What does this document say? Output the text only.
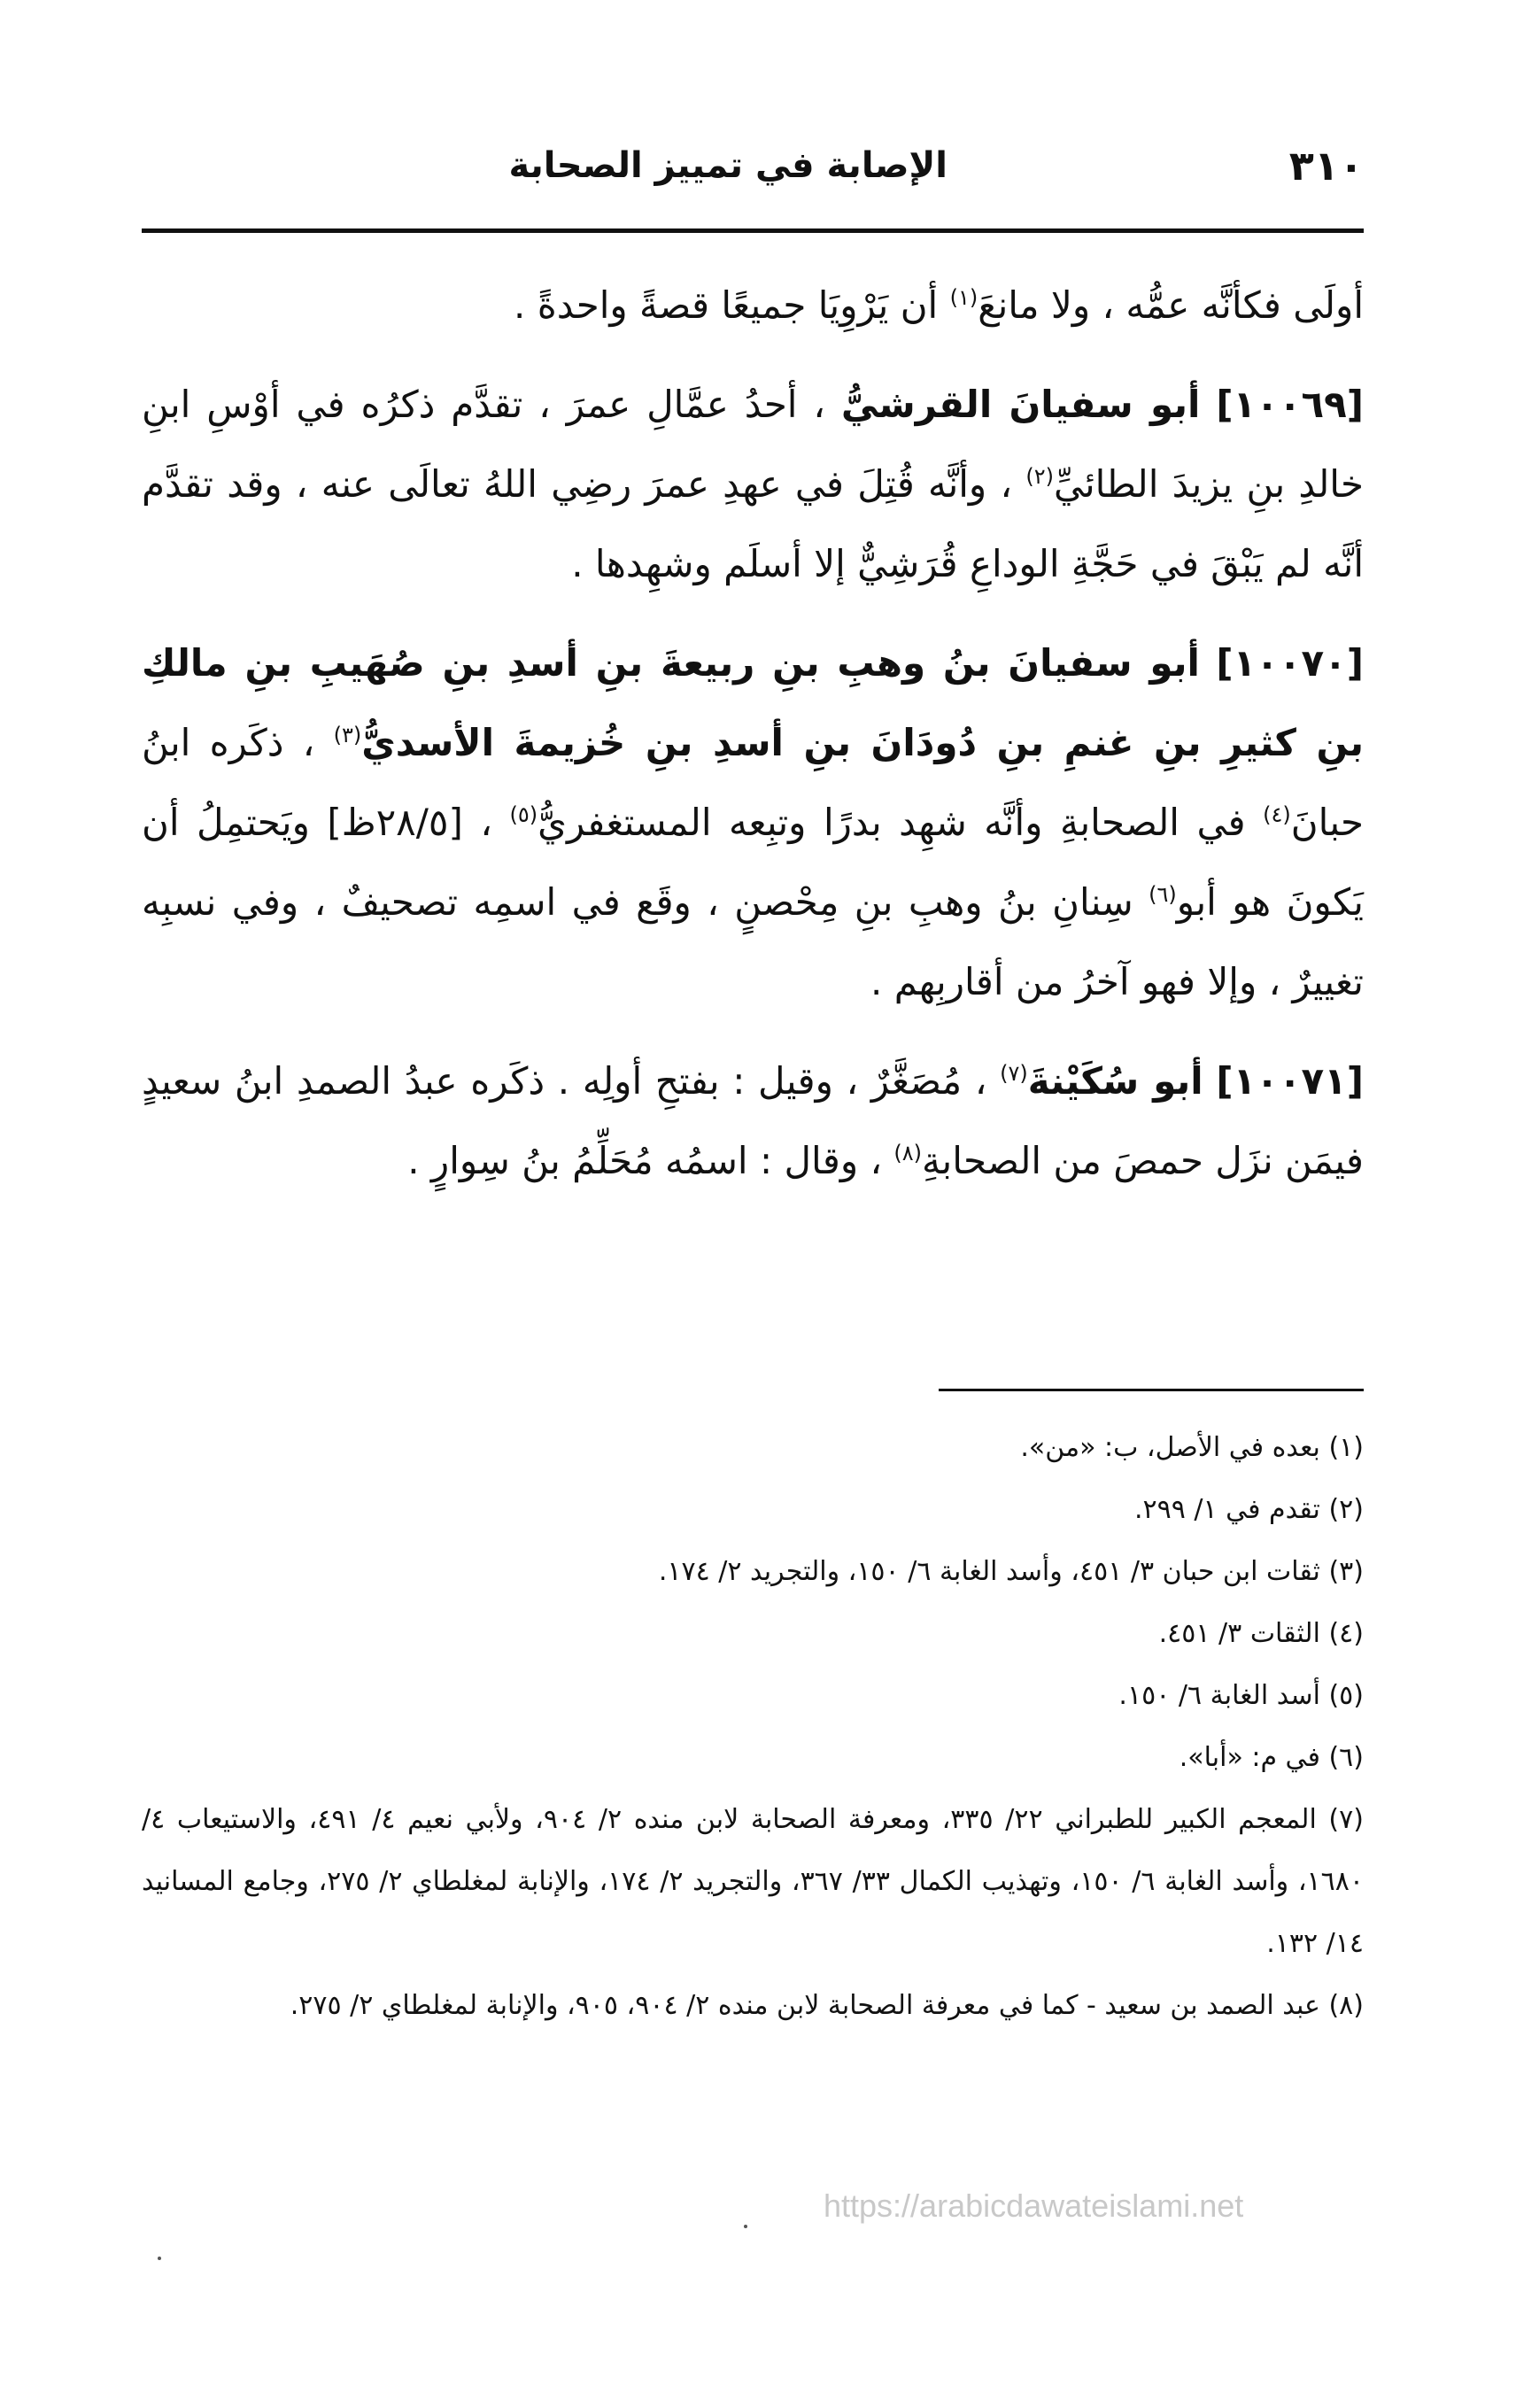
٣١٠
الإصابة في تمييز الصحابة

أولَى فكأنَّه عمُّه ، ولا مانعَ$^{(١)}$ أن يَرْوِيَا جميعًا قصةً واحدةً .

[١٠٠٦٩] أبو سفيانَ القرشيُّ ، أحدُ عمَّالِ عمرَ ، تقدَّم ذكرُه في أوْسِ ابنِ خالدِ بنِ يزيدَ الطائيِّ$^{(٢)}$ ، وأنَّه قُتِلَ في عهدِ عمرَ رضِي اللهُ تعالَى عنه ، وقد تقدَّم أنَّه لم يَبْقَ في حَجَّةِ الوداعِ قُرَشِيٌّ إلا أسلَم وشهِدها .

[١٠٠٧٠] أبو سفيانَ بنُ وهبِ بنِ ربيعةَ بنِ أسدِ بنِ صُهَيبِ بنِ مالكِ بنِ كثيرِ بنِ غنمِ بنِ دُودَانَ بنِ أسدِ بنِ خُزيمةَ الأسديُّ$^{(٣)}$ ، ذكَره ابنُ حبانَ$^{(٤)}$ في الصحابةِ وأنَّه شهِد بدرًا وتبِعه المستغفريُّ$^{(٥)}$ ، [٢٨/٥ظ] ويَحتمِلُ أن يَكونَ هو أبو$^{(٦)}$ سِنانِ بنُ وهبِ بنِ مِحْصنٍ ، وقَع في اسمِه تصحيفٌ ، وفي نسبِه تغييرٌ ، وإلا فهو آخرُ من أقاربِهم .

[١٠٠٧١] أبو سُكَيْنةَ$^{(٧)}$ ، مُصَغَّرٌ ، وقيل : بفتحِ أولِه . ذكَره عبدُ الصمدِ ابنُ سعيدٍ فيمَن نزَل حمصَ من الصحابةِ$^{(٨)}$ ، وقال : اسمُه مُحَلِّمُ بنُ سِوارٍ .

(١) بعده في الأصل، ب: «من».

(٢) تقدم في ١/ ٢٩٩.

(٣) ثقات ابن حبان ٣/ ٤٥١، وأسد الغابة ٦/ ١٥٠، والتجريد ٢/ ١٧٤.

(٤) الثقات ٣/ ٤٥١.

(٥) أسد الغابة ٦/ ١٥٠.

(٦) في م: «أبا».

(٧) المعجم الكبير للطبراني ٢٢/ ٣٣٥، ومعرفة الصحابة لابن منده ٢/ ٩٠٤، ولأبي نعيم ٤/ ٤٩١، والاستيعاب ٤/ ١٦٨٠، وأسد الغابة ٦/ ١٥٠، وتهذيب الكمال ٣٣/ ٣٦٧، والتجريد ٢/ ١٧٤، والإنابة لمغلطاي ٢/ ٢٧٥، وجامع المسانيد ١٤/ ١٣٢.

(٨) عبد الصمد بن سعيد - كما في معرفة الصحابة لابن منده ٢/ ٩٠٤، ٩٠٥، والإنابة لمغلطاي ٢/ ٢٧٥.

https://arabicdawateislami.net
